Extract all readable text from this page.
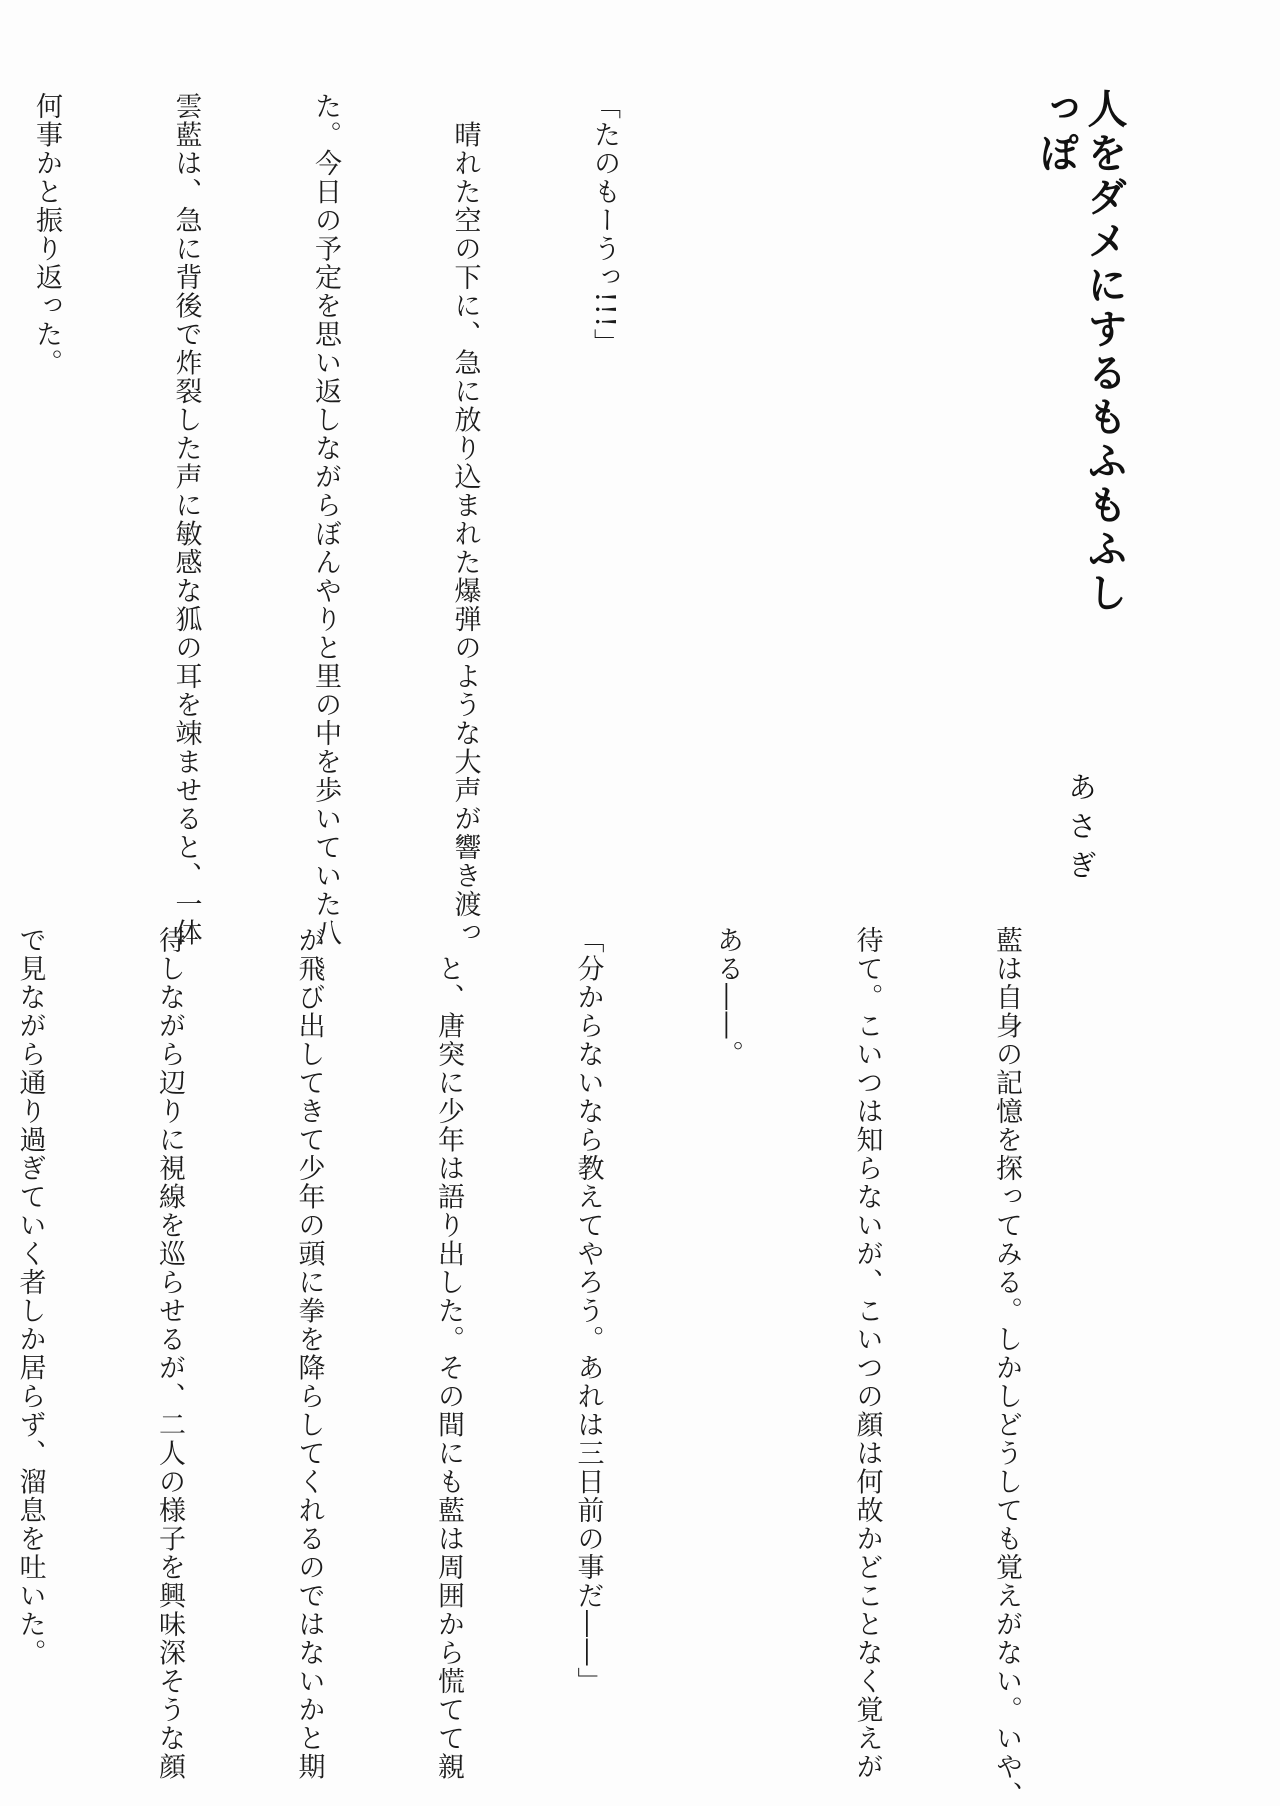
人をダメにするもふもふしっぽ
あさぎ

「たのもーうっ!!!」

　晴れた空の下に、急に放り込まれた爆弾のような大声が響き渡っ

た。今日の予定を思い返しながらぼんやりと里の中を歩いていた八

雲藍は、急に背後で炸裂した声に敏感な狐の耳を竦ませると、一体

何事かと振り返った。

藍は自身の記憶を探ってみる。しかしどうしても覚えがない。いや、

待て。こいつは知らないが、こいつの顔は何故かどことなく覚えが

ある――。

「分からないなら教えてやろう。あれは三日前の事だ――」

　と、唐突に少年は語り出した。その間にも藍は周囲から慌てて親

が飛び出してきて少年の頭に拳を降らしてくれるのではないかと期

待しながら辺りに視線を巡らせるが、二人の様子を興味深そうな顔

で見ながら通り過ぎていく者しか居らず、溜息を吐いた。
